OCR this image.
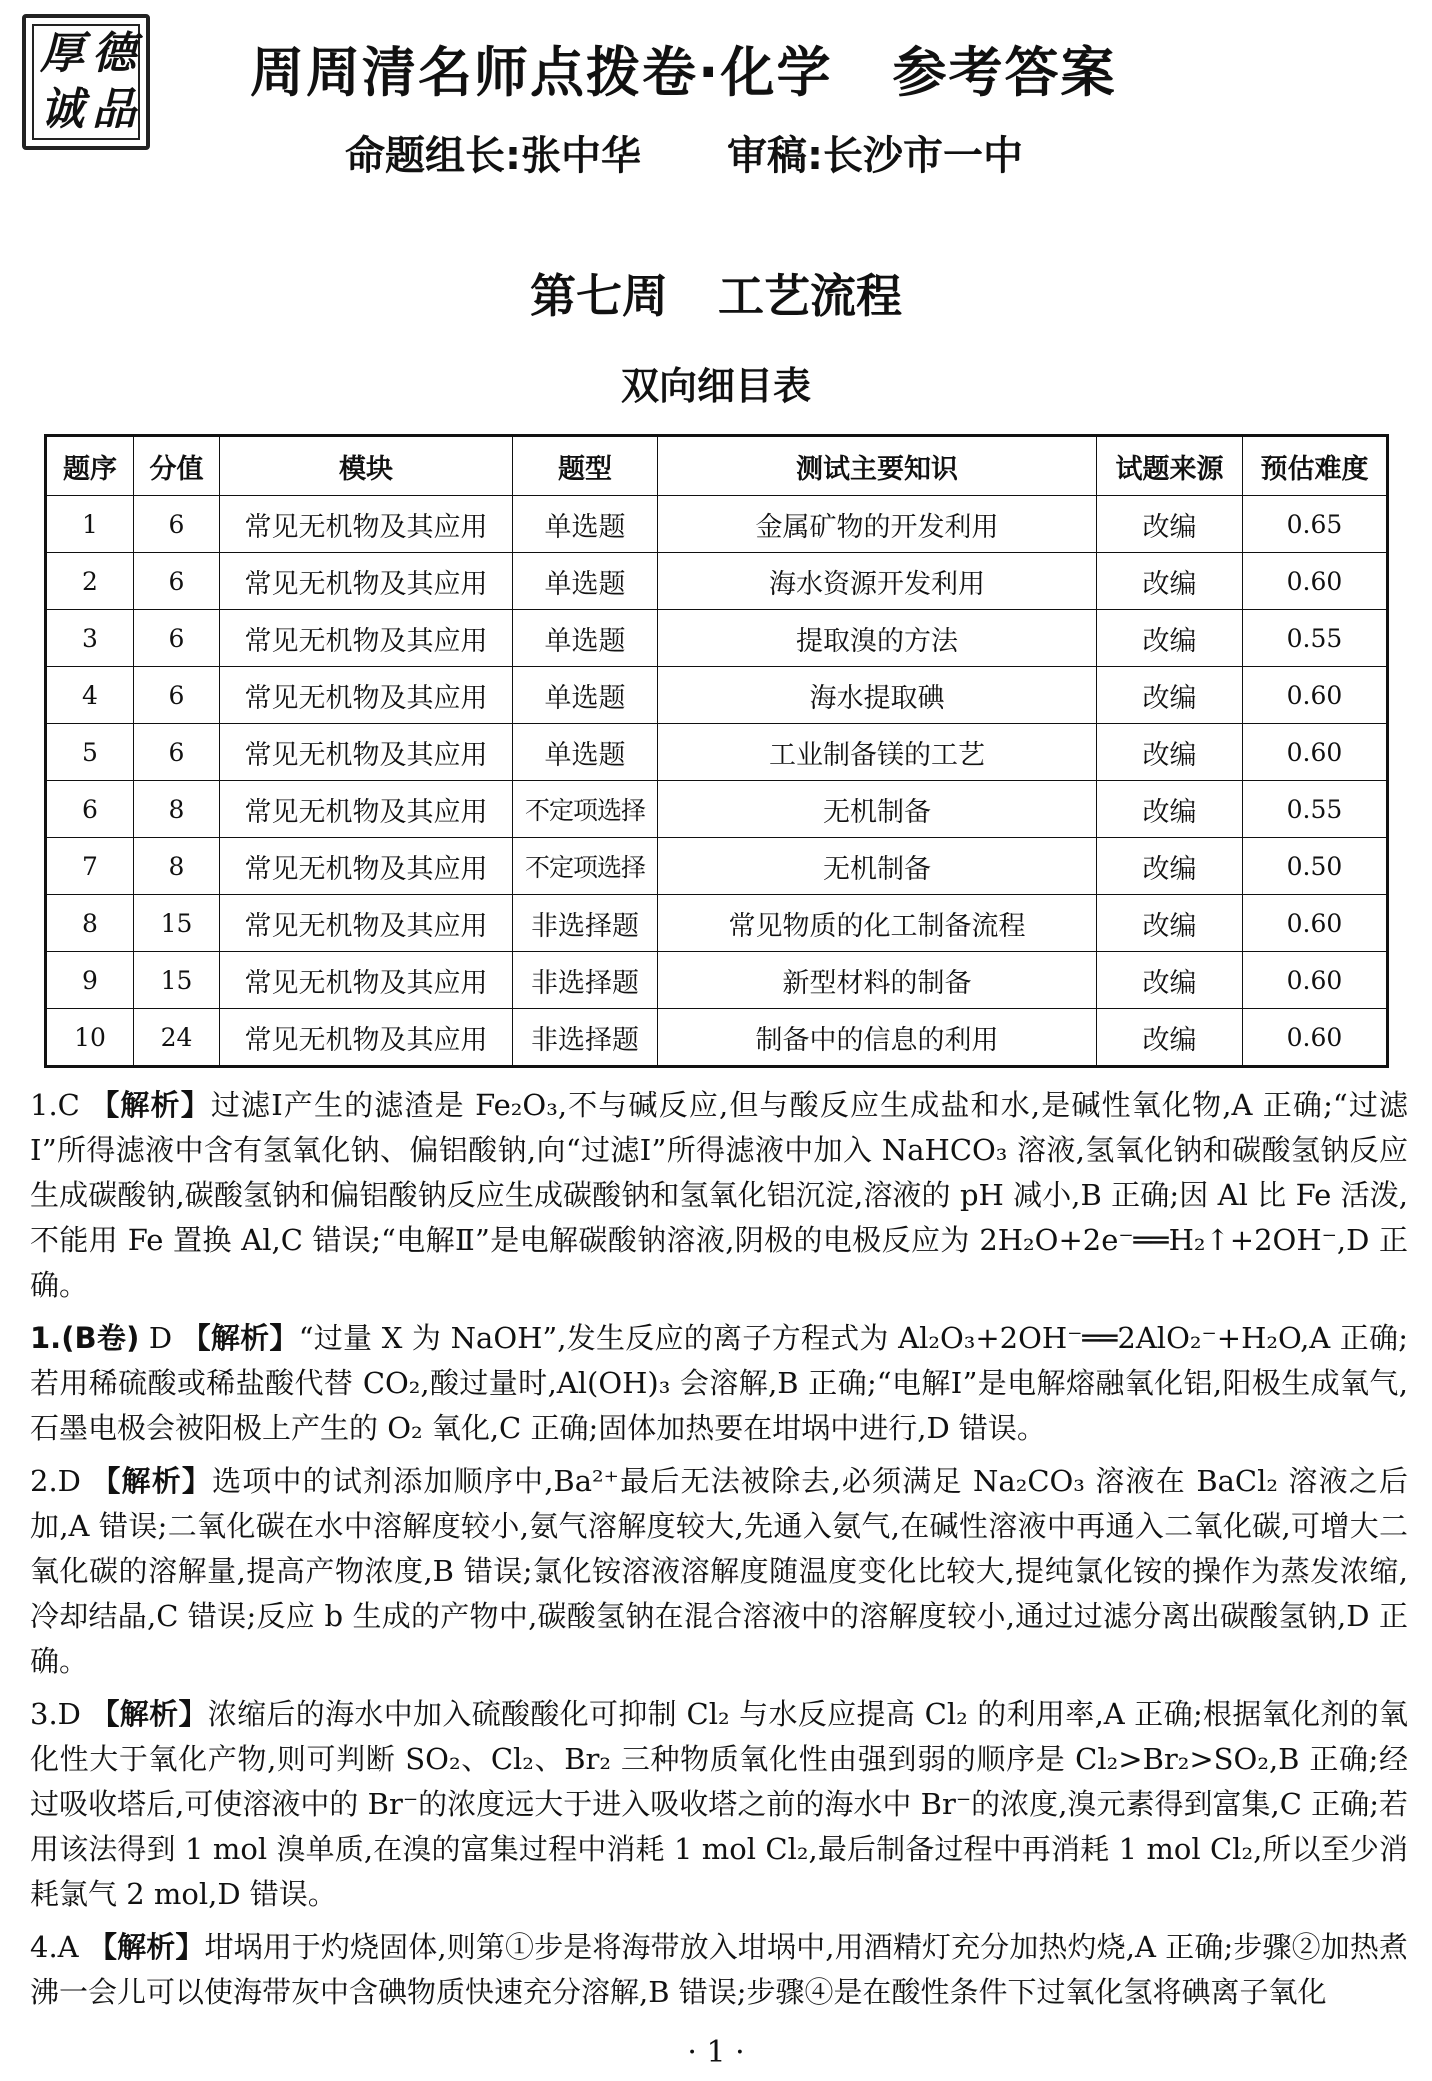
厚 德
诚 品
周周清名师点拨卷·化学 参考答案
命题组长:张中华 审稿:长沙市一中
第七周 工艺流程
双向细目表
题序	分值	模块	题型	测试主要知识	试题来源	预估难度
1	6	常见无机物及其应用	单选题	金属矿物的开发利用	改编	0.65
2	6	常见无机物及其应用	单选题	海水资源开发利用	改编	0.60
3	6	常见无机物及其应用	单选题	提取溴的方法	改编	0.55
4	6	常见无机物及其应用	单选题	海水提取碘	改编	0.60
5	6	常见无机物及其应用	单选题	工业制备镁的工艺	改编	0.60
6	8	常见无机物及其应用	不定项选择	无机制备	改编	0.55
7	8	常见无机物及其应用	不定项选择	无机制备	改编	0.50
8	15	常见无机物及其应用	非选择题	常见物质的化工制备流程	改编	0.60
9	15	常见无机物及其应用	非选择题	新型材料的制备	改编	0.60
10	24	常见无机物及其应用	非选择题	制备中的信息的利用	改编	0.60

1.C 【解析】过滤Ⅰ产生的滤渣是 Fe₂O₃,不与碱反应,但与酸反应生成盐和水,是碱性氧化物,A 正确;“过滤Ⅰ”所得滤液中含有氢氧化钠、偏铝酸钠,向“过滤Ⅰ”所得滤液中加入 NaHCO₃ 溶液,氢氧化钠和碳酸氢钠反应生成碳酸钠,碳酸氢钠和偏铝酸钠反应生成碳酸钠和氢氧化铝沉淀,溶液的 pH 减小,B 正确;因 Al 比 Fe 活泼,不能用 Fe 置换 Al,C 错误;“电解Ⅱ”是电解碳酸钠溶液,阴极的电极反应为 2H₂O+2e⁻══H₂↑+2OH⁻,D 正确。

1.(B卷) D 【解析】“过量 X 为 NaOH”,发生反应的离子方程式为 Al₂O₃+2OH⁻══2AlO₂⁻+H₂O,A 正确;若用稀硫酸或稀盐酸代替 CO₂,酸过量时,Al(OH)₃ 会溶解,B 正确;“电解Ⅰ”是电解熔融氧化铝,阳极生成氧气,石墨电极会被阳极上产生的 O₂ 氧化,C 正确;固体加热要在坩埚中进行,D 错误。

2.D 【解析】选项中的试剂添加顺序中,Ba²⁺最后无法被除去,必须满足 Na₂CO₃ 溶液在 BaCl₂ 溶液之后加,A 错误;二氧化碳在水中溶解度较小,氨气溶解度较大,先通入氨气,在碱性溶液中再通入二氧化碳,可增大二氧化碳的溶解量,提高产物浓度,B 错误;氯化铵溶液溶解度随温度变化比较大,提纯氯化铵的操作为蒸发浓缩,冷却结晶,C 错误;反应 b 生成的产物中,碳酸氢钠在混合溶液中的溶解度较小,通过过滤分离出碳酸氢钠,D 正确。

3.D 【解析】浓缩后的海水中加入硫酸酸化可抑制 Cl₂ 与水反应提高 Cl₂ 的利用率,A 正确;根据氧化剂的氧化性大于氧化产物,则可判断 SO₂、Cl₂、Br₂ 三种物质氧化性由强到弱的顺序是 Cl₂>Br₂>SO₂,B 正确;经过吸收塔后,可使溶液中的 Br⁻的浓度远大于进入吸收塔之前的海水中 Br⁻的浓度,溴元素得到富集,C 正确;若用该法得到 1 mol 溴单质,在溴的富集过程中消耗 1 mol Cl₂,最后制备过程中再消耗 1 mol Cl₂,所以至少消耗氯气 2 mol,D 错误。

4.A 【解析】坩埚用于灼烧固体,则第①步是将海带放入坩埚中,用酒精灯充分加热灼烧,A 正确;步骤②加热煮沸一会儿可以使海带灰中含碘物质快速充分溶解,B 错误;步骤④是在酸性条件下过氧化氢将碘离子氧化

· 1 ·
